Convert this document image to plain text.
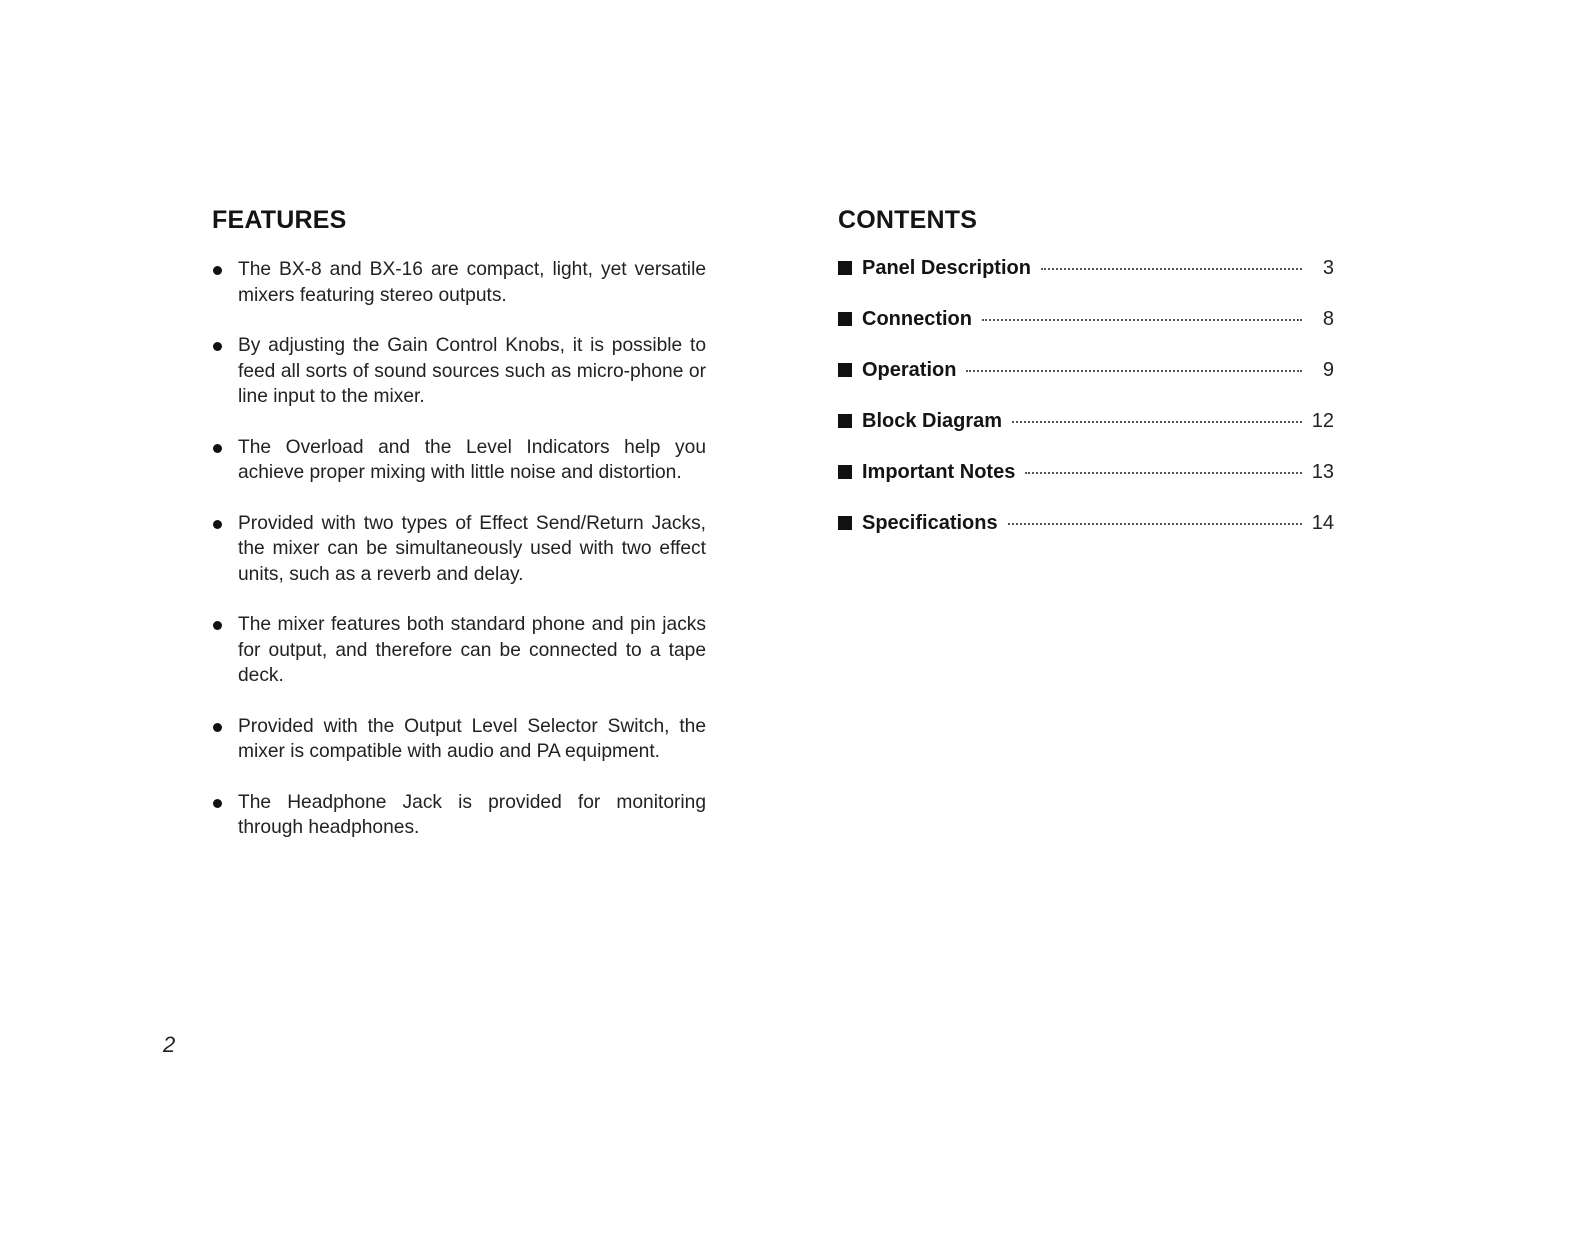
FEATURES
The BX-8 and BX-16 are compact, light, yet versatile mixers featuring stereo outputs.
By adjusting the Gain Control Knobs, it is possible to feed all sorts of sound sources such as micro-phone or line input to the mixer.
The Overload and the Level Indicators help you achieve proper mixing with little noise and distortion.
Provided with two types of Effect Send/Return Jacks, the mixer can be simultaneously used with two effect units, such as a reverb and delay.
The mixer features both standard phone and pin jacks for output, and therefore can be connected to a tape deck.
Provided with the Output Level Selector Switch, the mixer is compatible with audio and PA equipment.
The Headphone Jack is provided for monitoring through headphones.
CONTENTS
Panel Description	3
Connection	8
Operation	9
Block Diagram	12
Important Notes	13
Specifications	14
2
